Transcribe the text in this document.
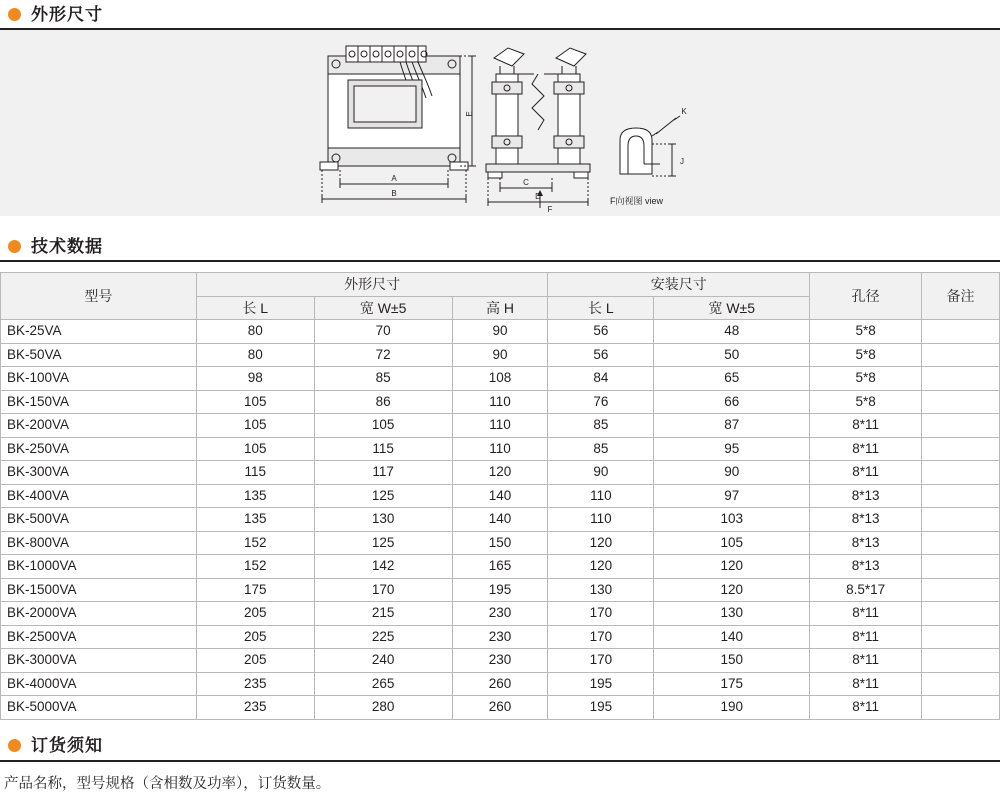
外形尺寸
E
A
B
C
D
F
K
J
F向视图 view
技术数据
型号	外形尺寸			安装尺寸		孔径	备注
	长 L	宽 W±5	高 H	长 L	宽 W±5		
BK-25VA	80	70	90	56	48	5*8	
BK-50VA	80	72	90	56	50	5*8	
BK-100VA	98	85	108	84	65	5*8	
BK-150VA	105	86	110	76	66	5*8	
BK-200VA	105	105	110	85	87	8*11	
BK-250VA	105	115	110	85	95	8*11	
BK-300VA	115	117	120	90	90	8*11	
BK-400VA	135	125	140	110	97	8*13	
BK-500VA	135	130	140	110	103	8*13	
BK-800VA	152	125	150	120	105	8*13	
BK-1000VA	152	142	165	120	120	8*13	
BK-1500VA	175	170	195	130	120	8.5*17	
BK-2000VA	205	215	230	170	130	8*11	
BK-2500VA	205	225	230	170	140	8*11	
BK-3000VA	205	240	230	170	150	8*11	
BK-4000VA	235	265	260	195	175	8*11	
BK-5000VA	235	280	260	195	190	8*11	
订货须知
产品名称，型号规格（含相数及功率），订货数量。
